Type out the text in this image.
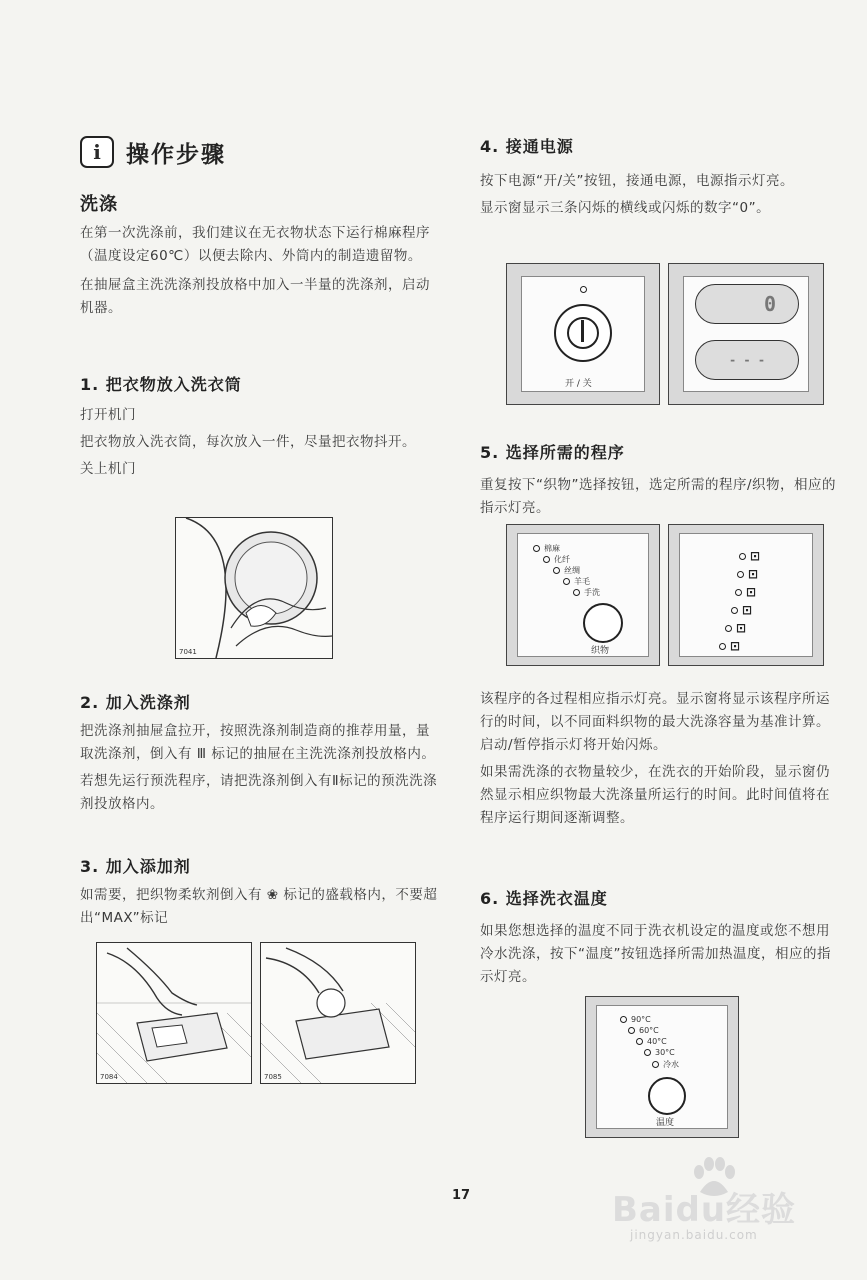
i	操作步骤
洗涤

在第一次洗涤前，我们建议在无衣物状态下运行棉麻程序（温度设定60℃）以便去除内、外筒内的制造遗留物。

在抽屉盒主洗洗涤剂投放格中加入一半量的洗涤剂，启动机器。

1. 把衣物放入洗衣筒

打开机门

把衣物放入洗衣筒，每次放入一件，尽量把衣物抖开。

关上机门

7041
2. 加入洗涤剂

把洗涤剂抽屉盒拉开，按照洗涤剂制造商的推荐用量，量取洗涤剂，倒入有 Ⅲ 标记的抽屉在主洗洗涤剂投放格内。

若想先运行预洗程序，请把洗涤剂倒入有Ⅱ标记的预洗洗涤剂投放格内。

3. 加入添加剂

如需要，把织物柔软剂倒入有 ❀ 标记的盛载格内，不要超出“MAX”标记

7084	7085
4. 接通电源

按下电源“开/关”按钮，接通电源，电源指示灯亮。

显示窗显示三条闪烁的横线或闪烁的数字“0”。

开 / 关
0
- - -
5. 选择所需的程序

重复按下“织物”选择按钮，选定所需的程序/织物，相应的指示灯亮。

棉麻
化纤
丝绸
羊毛
手洗
织物
⊡
⊡
⊡
⊡
⊡
⊡

该程序的各过程相应指示灯亮。显示窗将显示该程序所运行的时间，以不同面料织物的最大洗涤容量为基准计算。启动/暂停指示灯将开始闪烁。

如果需洗涤的衣物量较少，在洗衣的开始阶段，显示窗仍然显示相应织物最大洗涤量所运行的时间。此时间值将在程序运行期间逐渐调整。

6. 选择洗衣温度

如果您想选择的温度不同于洗衣机设定的温度或您不想用冷水洗涤，按下“温度”按钮选择所需加热温度，相应的指示灯亮。

90°C
60°C
40°C
30°C
冷水
温度
17	Baidu经验
jingyan.baidu.com
